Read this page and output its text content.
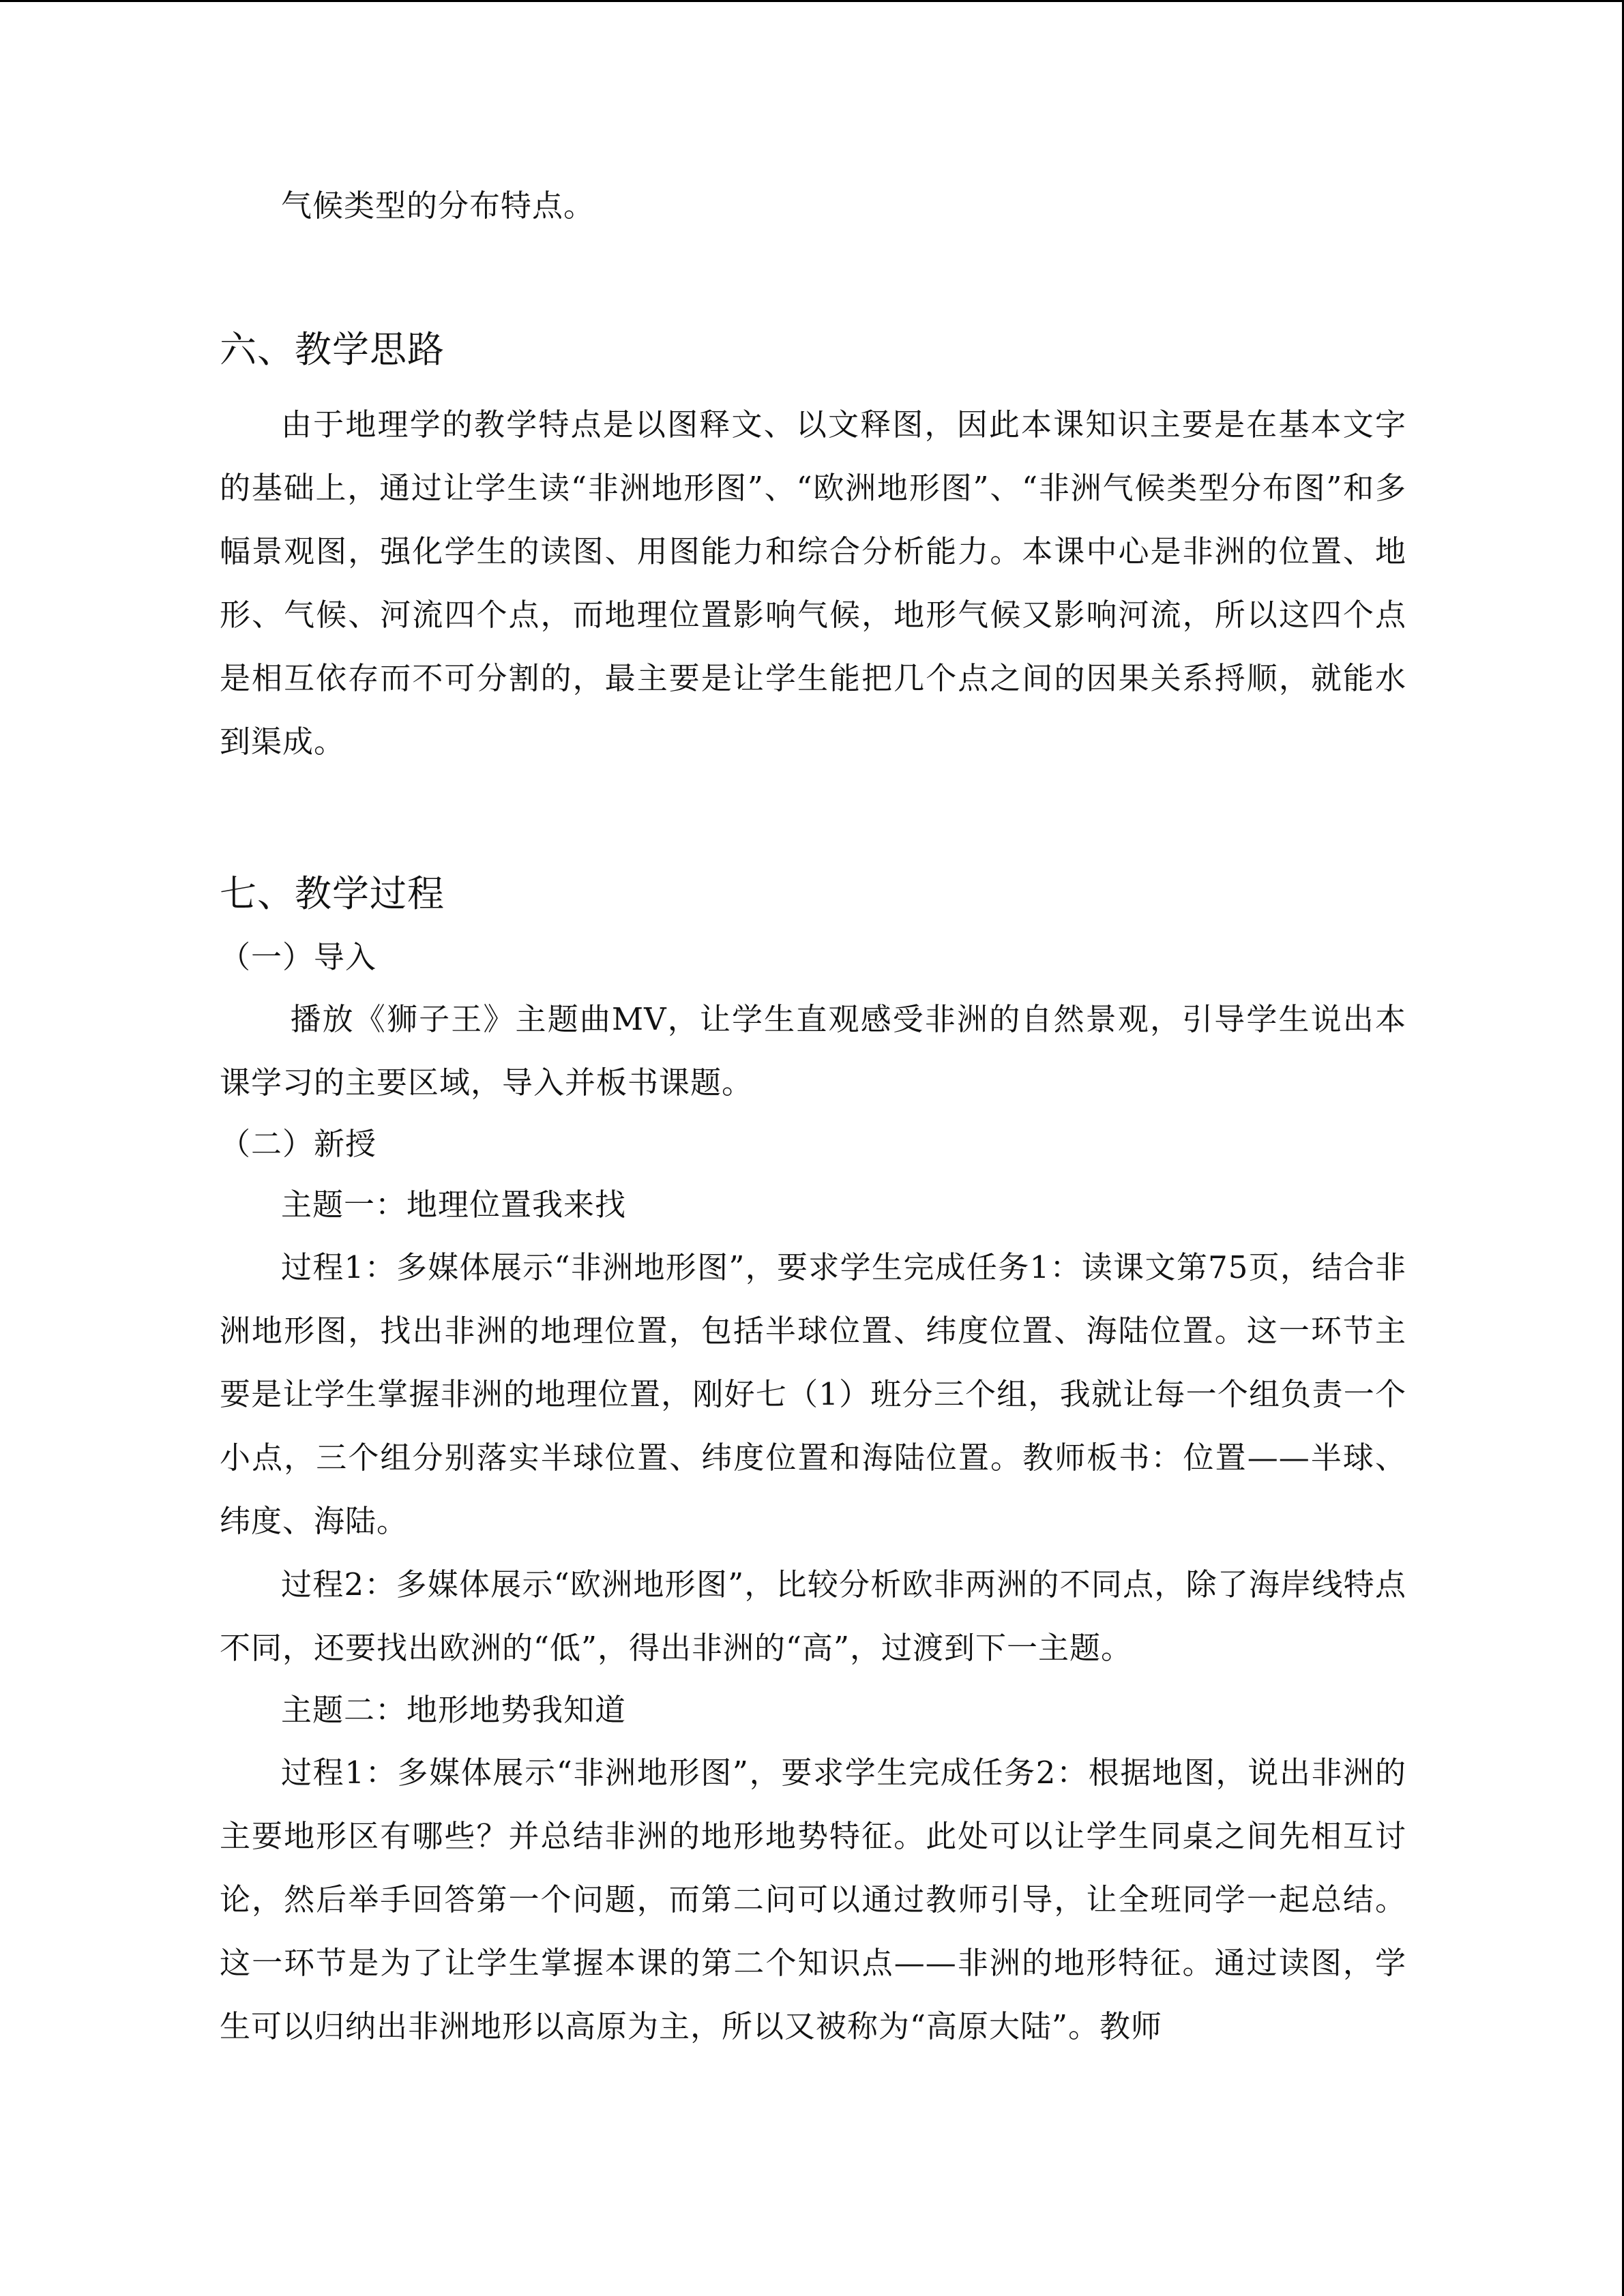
气候类型的分布特点。

六、教学思路

由于地理学的教学特点是以图释文、以文释图，因此本课知识主要是在基本文字的基础上，通过让学生读“非洲地形图”、“欧洲地形图”、“非洲气候类型分布图”和多幅景观图，强化学生的读图、用图能力和综合分析能力。本课中心是非洲的位置、地形、气候、河流四个点，而地理位置影响气候，地形气候又影响河流，所以这四个点是相互依存而不可分割的，最主要是让学生能把几个点之间的因果关系捋顺，就能水到渠成。

七、教学过程

（一）导入

播放《狮子王》主题曲MV，让学生直观感受非洲的自然景观，引导学生说出本课学习的主要区域，导入并板书课题。

（二）新授

主题一：地理位置我来找

过程1：多媒体展示“非洲地形图”，要求学生完成任务1：读课文第75页，结合非洲地形图，找出非洲的地理位置，包括半球位置、纬度位置、海陆位置。这一环节主要是让学生掌握非洲的地理位置，刚好七（1）班分三个组，我就让每一个组负责一个小点，三个组分别落实半球位置、纬度位置和海陆位置。教师板书：位置——半球、纬度、海陆。

过程2：多媒体展示“欧洲地形图”，比较分析欧非两洲的不同点，除了海岸线特点不同，还要找出欧洲的“低”，得出非洲的“高”，过渡到下一主题。

主题二：地形地势我知道

过程1：多媒体展示“非洲地形图”，要求学生完成任务2：根据地图，说出非洲的主要地形区有哪些？并总结非洲的地形地势特征。此处可以让学生同桌之间先相互讨论，然后举手回答第一个问题，而第二问可以通过教师引导，让全班同学一起总结。这一环节是为了让学生掌握本课的第二个知识点——非洲的地形特征。通过读图，学生可以归纳出非洲地形以高原为主，所以又被称为“高原大陆”。教师
